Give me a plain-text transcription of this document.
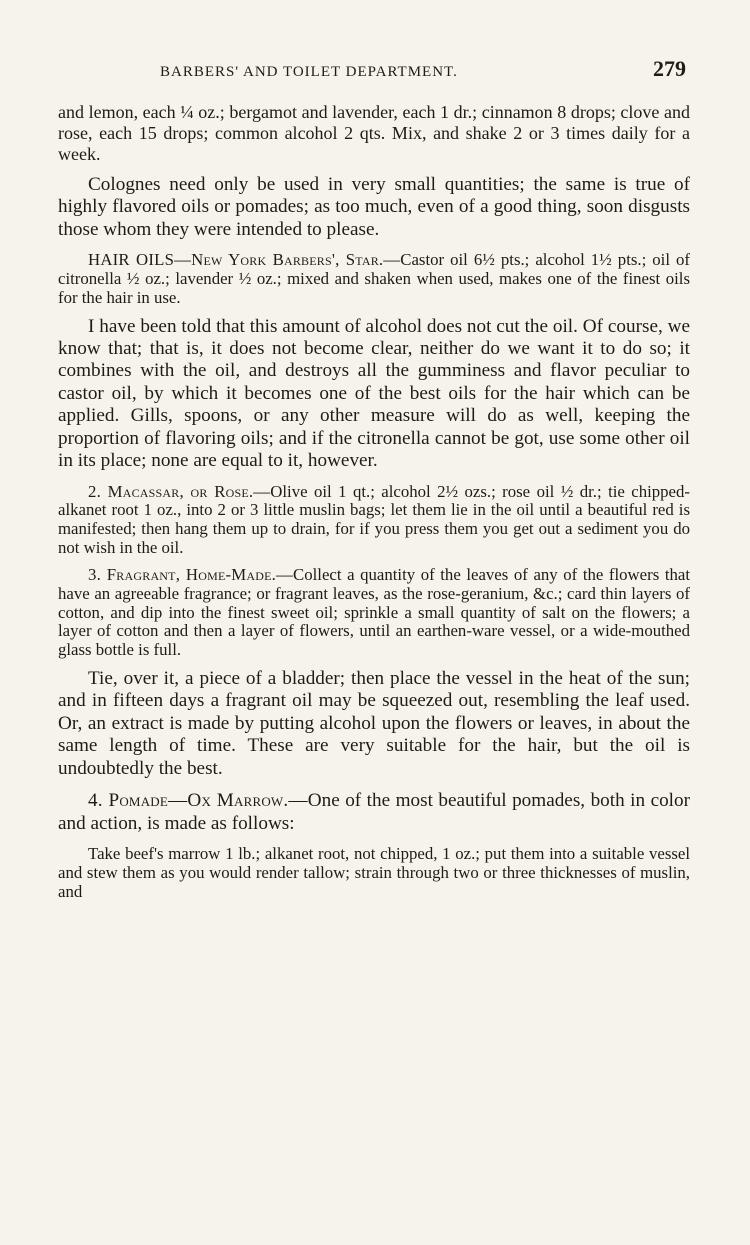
BARBERS' AND TOILET DEPARTMENT.	279

and lemon, each ¼ oz.; bergamot and lavender, each 1 dr.; cinnamon 8 drops; clove and rose, each 15 drops; common alcohol 2 qts. Mix, and shake 2 or 3 times daily for a week.

Colognes need only be used in very small quantities; the same is true of highly flavored oils or pomades; as too much, even of a good thing, soon disgusts those whom they were intended to please.

HAIR OILS—New York Barbers', Star.—Castor oil 6½ pts.; alcohol 1½ pts.; oil of citronella ½ oz.; lavender ½ oz.; mixed and shaken when used, makes one of the finest oils for the hair in use.

I have been told that this amount of alcohol does not cut the oil. Of course, we know that; that is, it does not become clear, neither do we want it to do so; it combines with the oil, and destroys all the gumminess and flavor peculiar to castor oil, by which it becomes one of the best oils for the hair which can be applied. Gills, spoons, or any other measure will do as well, keeping the proportion of flavoring oils; and if the citronella cannot be got, use some other oil in its place; none are equal to it, however.

2. Macassar, or Rose.—Olive oil 1 qt.; alcohol 2½ ozs.; rose oil ½ dr.; tie chipped-alkanet root 1 oz., into 2 or 3 little muslin bags; let them lie in the oil until a beautiful red is manifested; then hang them up to drain, for if you press them you get out a sediment you do not wish in the oil.

3. Fragrant, Home-Made.—Collect a quantity of the leaves of any of the flowers that have an agreeable fragrance; or fragrant leaves, as the rose-geranium, &c.; card thin layers of cotton, and dip into the finest sweet oil; sprinkle a small quantity of salt on the flowers; a layer of cotton and then a layer of flowers, until an earthen-ware vessel, or a wide-mouthed glass bottle is full.

Tie, over it, a piece of a bladder; then place the vessel in the heat of the sun; and in fifteen days a fragrant oil may be squeezed out, resembling the leaf used. Or, an extract is made by putting alcohol upon the flowers or leaves, in about the same length of time. These are very suitable for the hair, but the oil is undoubtedly the best.

4. Pomade—Ox Marrow.—One of the most beautiful pomades, both in color and action, is made as follows:

Take beef's marrow 1 lb.; alkanet root, not chipped, 1 oz.; put them into a suitable vessel and stew them as you would render tallow; strain through two or three thicknesses of muslin, and
